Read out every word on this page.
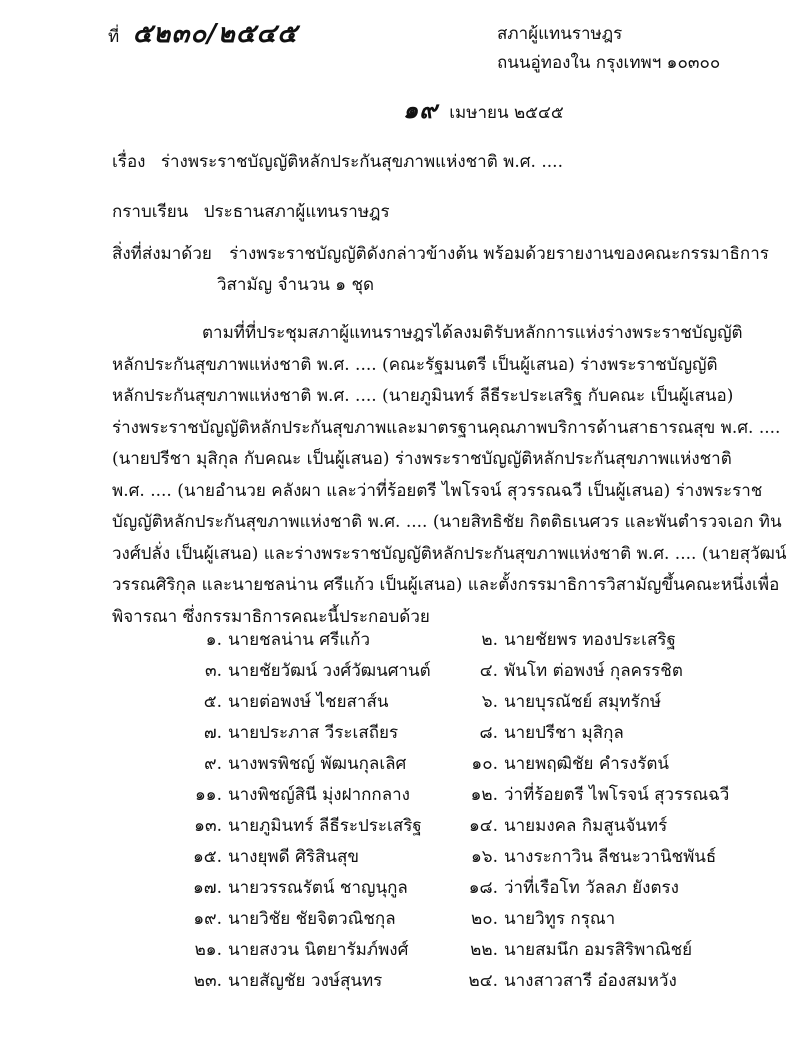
ที่ ๕๒๓๐/๒๕๔๕	สภาผู้แทนราษฎร
ถนนอู่ทองใน กรุงเทพฯ ๑๐๓๐๐
๑๙ เมษายน ๒๕๔๕
เรื่อง ร่างพระราชบัญญัติหลักประกันสุขภาพแห่งชาติ พ.ศ. ....
กราบเรียน ประธานสภาผู้แทนราษฎร
สิ่งที่ส่งมาด้วย ร่างพระราชบัญญัติดังกล่าวข้างต้น พร้อมด้วยรายงานของคณะกรรมาธิการ
วิสามัญ จำนวน ๑ ชุด
ตามที่ที่ประชุมสภาผู้แทนราษฎรได้ลงมติรับหลักการแห่งร่างพระราชบัญญัติ
หลักประกันสุขภาพแห่งชาติ พ.ศ. .... (คณะรัฐมนตรี เป็นผู้เสนอ) ร่างพระราชบัญญัติ
หลักประกันสุขภาพแห่งชาติ พ.ศ. .... (นายภูมินทร์ ลีธีระประเสริฐ กับคณะ เป็นผู้เสนอ)
ร่างพระราชบัญญัติหลักประกันสุขภาพและมาตรฐานคุณภาพบริการด้านสาธารณสุข พ.ศ. ....
(นายปรีชา มุสิกุล กับคณะ เป็นผู้เสนอ) ร่างพระราชบัญญัติหลักประกันสุขภาพแห่งชาติ
พ.ศ. .... (นายอำนวย คลังผา และว่าที่ร้อยตรี ไพโรจน์ สุวรรณฉวี เป็นผู้เสนอ) ร่างพระราช
บัญญัติหลักประกันสุขภาพแห่งชาติ พ.ศ. .... (นายสิทธิชัย กิตติธเนศวร และพันตำรวจเอก ทิน
วงศ์ปลั่ง เป็นผู้เสนอ) และร่างพระราชบัญญัติหลักประกันสุขภาพแห่งชาติ พ.ศ. .... (นายสุวัฒน์
วรรณศิริกุล และนายชลน่าน ศรีแก้ว เป็นผู้เสนอ) และตั้งกรรมาธิการวิสามัญขึ้นคณะหนึ่งเพื่อ
พิจารณา ซึ่งกรรมาธิการคณะนี้ประกอบด้วย
๑. นายชลน่าน ศรีแก้ว
๓. นายชัยวัฒน์ วงศ์วัฒนศานต์
๕. นายต่อพงษ์ ไชยสาส์น
๗. นายประภาส วีระเสถียร
๙. นางพรพิชญ์ พัฒนกุลเลิศ
๑๑. นางพิชญ์สินี มุ่งฝากกลาง
๑๓. นายภูมินทร์ ลีธีระประเสริฐ
๑๕. นางยุพดี ศิริสินสุข
๑๗. นายวรรณรัตน์ ชาญนุกูล
๑๙. นายวิชัย ชัยจิตวณิชกุล
๒๑. นายสงวน นิตยารัมภ์พงศ์
๒๓. นายสัญชัย วงษ์สุนทร
๒. นายชัยพร ทองประเสริฐ
๔. พันโท ต่อพงษ์ กุลครรชิต
๖. นายบุรณัชย์ สมุทรักษ์
๘. นายปรีชา มุสิกุล
๑๐. นายพฤฒิชัย คำรงรัตน์
๑๒. ว่าที่ร้อยตรี ไพโรจน์ สุวรรณฉวี
๑๔. นายมงคล กิมสูนจันทร์
๑๖. นางระกาวิน ลีชนะวานิชพันธ์
๑๘. ว่าที่เรือโท วัลลภ ยังตรง
๒๐. นายวิทูร กรุณา
๒๒. นายสมนึก อมรสิริพาณิชย์
๒๔. นางสาวสารี อ๋องสมหวัง
